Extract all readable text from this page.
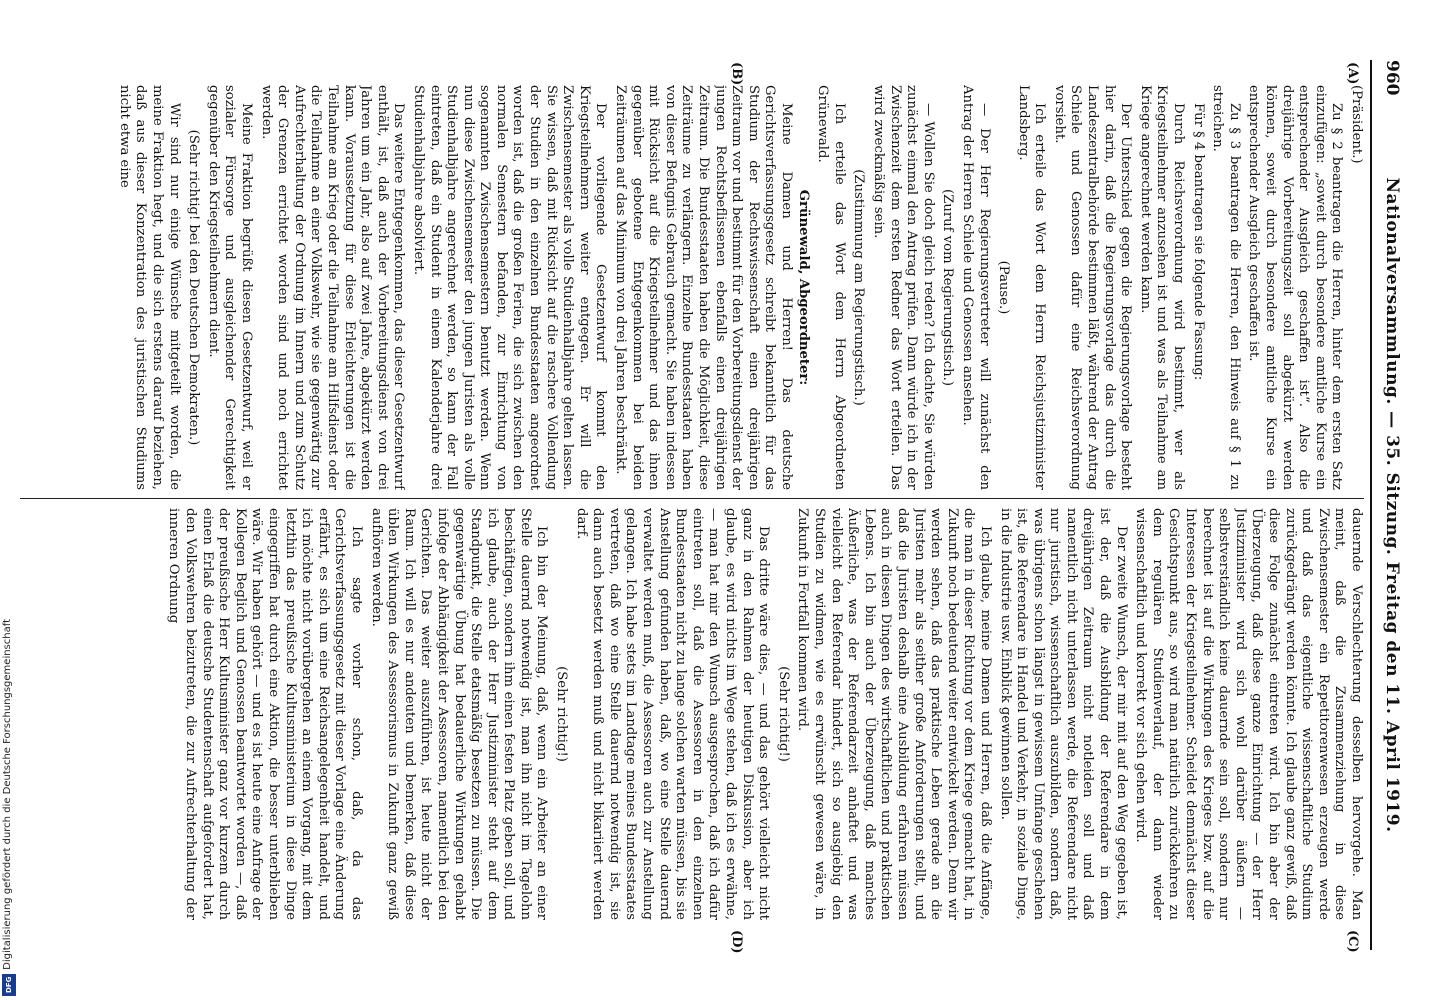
960
Nationalversammlung. — 35. Sitzung. Freitag den 11. April 1919.
(A)
(B)
(C)
(D)

(Präsident.)

Zu § 2 beantragen die Herren, hinter dem ersten Satz einzufügen: „soweit durch besondere amtliche Kurse ein entsprechender Ausgleich geschaffen ist“. Also die dreijährige Vorbereitungszeit soll abgekürzt werden können, soweit durch besondere amtliche Kurse ein entsprechender Ausgleich geschaffen ist.

Zu § 3 beantragen die Herren, den Hinweis auf § 1 zu streichen.

Für § 4 beantragen sie folgende Fassung:

Durch Reichsverordnung wird bestimmt, wer als Kriegsteilnehmer anzusehen ist und was als Teilnahme am Kriege angerechnet werden kann.

Der Unterschied gegen die Regierungsvorlage besteht hier darin, daß die Regierungsvorlage das durch die Landeszentralbehörde bestimmen läßt, während der Antrag Schiele und Genossen dafür eine Reichsverordnung vorsieht.

Ich erteile das Wort dem Herrn Reichsjustizminister Landsberg.

(Pause.)

— Der Herr Regierungsvertreter will zunächst den Antrag der Herren Schiele und Genossen ansehen.

(Zuruf vom Regierungstisch.)

— Wollen Sie doch gleich reden? Ich dachte, Sie würden zunächst einmal den Antrag prüfen. Dann würde ich in der Zwischenzeit dem ersten Redner das Wort erteilen. Das wird zweckmäßig sein.

(Zustimmung am Regierungstisch.)

Ich erteile das Wort dem Herrn Abgeordneten Grünewald.

Grünewald, Abgeordneter:

Meine Damen und Herren! Das deutsche Gerichtsverfassungsgesetz schreibt bekanntlich für das Studium der Rechtswissenschaft einen dreijährigen Zeitraum vor und bestimmt für den Vorbereitungsdienst der jungen Rechtsbeflissenen ebenfalls einen dreijährigen Zeitraum. Die Bundesstaaten haben die Möglichkeit, diese Zeiträume zu verlängern. Einzelne Bundesstaaten haben von dieser Befugnis Gebrauch gemacht. Sie haben indessen mit Rücksicht auf die Kriegsteilnehmer und das ihnen gegenüber gebotene Entgegenkommen bei beiden Zeiträumen auf das Minimum von drei Jahren beschränkt.

Der vorliegende Gesetzentwurf kommt den Kriegsteilnehmern weiter entgegen. Er will die Zwischensemester als volle Studienhalbjahre gelten lassen. Sie wissen, daß mit Rücksicht auf die raschere Vollendung der Studien in den einzelnen Bundesstaaten angeordnet worden ist, daß die großen Ferien, die sich zwischen den normalen Semestern befanden, zur Einrichtung von sogenannten Zwischensemestern benutzt werden. Wenn nun diese Zwischensemester den jungen Juristen als volle Studienhalbjahre angerechnet werden, so kann der Fall eintreten, daß ein Student in einem Kalenderjahre drei Studienhalbjahre absolviert.

Das weitere Entgegenkommen, das dieser Gesetzentwurf enthält, ist, daß auch der Vorbereitungsdienst von drei Jahren um ein Jahr, also auf zwei Jahre, abgekürzt werden kann. Voraussetzung für diese Erleichterungen ist die Teilnahme am Krieg oder die Teilnahme am Hilfsdienst oder die Teilnahme an einer Volkswehr, wie sie gegenwärtig zur Aufrechterhaltung der Ordnung im Innern und zum Schutz der Grenzen errichtet worden sind und noch errichtet werden.

Meine Fraktion begrüßt diesen Gesetzentwurf, weil er sozialer Fürsorge und ausgleichender Gerechtigkeit gegenüber den Kriegsteilnehmern dient.

(Sehr richtig! bei den Deutschen Demokraten.)

Wir sind nur einige Wünsche mitgeteilt worden, die meine Fraktion hegt, und die sich erstens darauf beziehen, daß aus dieser Konzentration des juristischen Studiums nicht etwa eine

dauernde Verschlechterung desselben hervorgehe. Man meint, daß die Zusammenziehung in diese Zwischensemester ein Repetitorenwesen erzeugen werde und daß das eigentliche wissenschaftliche Studium zurückgedrängt werden könnte. Ich glaube ganz gewiß, daß diese Folge zunächst eintreten wird. Ich bin aber der Überzeugung, daß diese ganze Einrichtung — der Herr Justizminister wird sich wohl darüber äußern — selbstverständlich keine dauernde sein soll, sondern nur berechnet ist auf die Wirkungen des Krieges bzw. auf die Interessen der Kriegsteilnehmer. Scheidet demnächst dieser Gesichtspunkt aus, so wird man natürlich zurückkehren zu dem regulären Studienverlauf, der dann wieder wissenschaftlich und korrekt vor sich gehen wird.

Der zweite Wunsch, der mir mit auf den Weg gegeben ist, ist der, daß die Ausbildung der Referendare in dem dreijährigen Zeitraum nicht notleiden soll und daß namentlich nicht unterlassen werde, die Referendare nicht nur juristisch, wissenschaftlich auszubilden, sondern daß, was übrigens schon längst in gewissem Umfange geschehen ist, die Referendare in Handel und Verkehr, in soziale Dinge, in die Industrie usw. Einblick gewinnen sollen.

Ich glaube, meine Damen und Herren, daß die Anfänge, die man in dieser Richtung vor dem Kriege gemacht hat, in Zukunft noch bedeutend weiter entwickelt werden. Denn wir werden sehen, daß das praktische Leben gerade an die Juristen mehr als seither große Anforderungen stellt, und daß die Juristen deshalb eine Ausbildung erfahren müssen auch in diesen Dingen des wirtschaftlichen und praktischen Lebens. Ich bin auch der Überzeugung, daß manches Äußerliche, was der Referendarzeit anhaftet und was vielleicht den Referendar hindert, sich so ausgiebig den Studien zu widmen, wie es erwünscht gewesen wäre, in Zukunft in Fortfall kommen wird.

(Sehr richtig!)

Das dritte wäre dies, — und das gehört vielleicht nicht ganz in den Rahmen der heutigen Diskussion, aber ich glaube, es wird nichts im Wege stehen, daß ich es erwähne, — man hat mir den Wunsch ausgesprochen, daß ich dafür eintreten soll, daß die Assessoren in den einzelnen Bundesstaaten nicht zu lange solchen warten müssen, bis sie Anstellung gefunden haben, daß, wo eine Stelle dauernd verwaltet werden muß, die Assessoren auch zur Anstellung gelangen. Ich habe stets im Landtage meines Bundesstaates vertreten, daß wo eine Stelle dauernd notwendig ist, sie dann auch besetzt werden muß und nicht bikariiert werden darf.

(Sehr richtig!)

Ich bin der Meinung, daß, wenn ein Arbeiter an einer Stelle dauernd notwendig ist, man ihn nicht im Tagelohn beschäftigen, sondern ihm einen festen Platz geben soll, und ich glaube, auch der Herr Justizminister steht auf dem Standpunkt, die Stelle etatsmäßig besetzen zu müssen. Die gegenwärtige Übung hat bedauerliche Wirkungen gehabt infolge der Abhängigkeit der Assessoren, namentlich bei den Gerichten. Das weiter auszuführen, ist heute nicht der Raum. Ich will es nur andeuten und bemerken, daß diese üblen Wirkungen des Assessorismus in Zukunft ganz gewiß aufhören werden.

Ich sagte vorher schon, daß, da das Gerichtsverfassungsgesetz mit dieser Vorlage eine Änderung erfährt, es sich um eine Reichsangelegenheit handelt, und ich möchte nicht vorübergehen an einem Vorgang, mit dem letzthin das preußische Kultusministerium in diese Dinge eingegriffen hat durch eine Aktion, die besser unterblieben wäre. Wir haben gehört — und es ist heute eine Anfrage der Kollegen Beglich und Genossen beantwortet worden —, daß der preußische Herr Kultusminister ganz vor kurzem durch einen Erlaß die deutsche Studentenschaft aufgefordert hat, den Volkswehren beizutreten, die zur Aufrechterhaltung der inneren Ordnung

Digitalisierung gefördert durch die Deutsche Forschungsgemeinschaft
DFG
